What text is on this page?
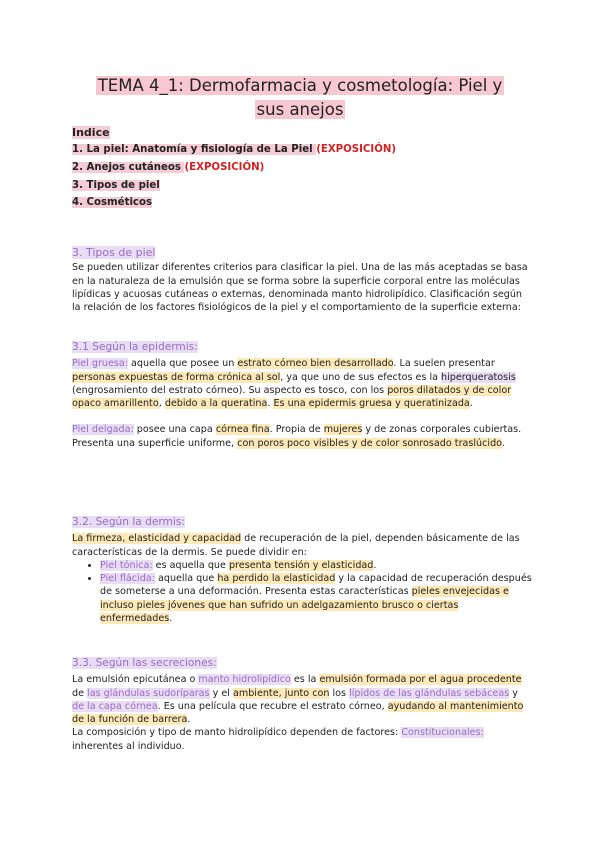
TEMA 4_1: Dermofarmacia y cosmetología: Piel y
sus anejos
Indice
1. La piel: Anatomía y fisiología de La Piel (EXPOSICIÓN)
2. Anejos cutáneos (EXPOSICIÓN)
3. Tipos de piel
4. Cosméticos
3. Tipos de piel

Se pueden utilizar diferentes criterios para clasificar la piel. Una de las más aceptadas se basa en la naturaleza de la emulsión que se forma sobre la superficie corporal entre las moléculas lipídicas y acuosas cutáneas o externas, denominada manto hidrolipídico. Clasificación según la relación de los factores fisiológicos de la piel y el comportamiento de la superficie externa:

3.1 Según la epidermis:

Piel gruesa: aquella que posee un estrato córneo bien desarrollado. La suelen presentar personas expuestas de forma crónica al sol, ya que uno de sus efectos es la hiperqueratosis (engrosamiento del estrato córneo). Su aspecto es tosco, con los poros dilatados y de color opaco amarillento, debido a la queratina. Es una epidermis gruesa y queratinizada.

Piel delgada: posee una capa córnea fina. Propia de mujeres y de zonas corporales cubiertas. Presenta una superficie uniforme, con poros poco visibles y de color sonrosado traslúcido.

3.2. Según la dermis:

La firmeza, elasticidad y capacidad de recuperación de la piel, dependen básicamente de las características de la dermis. Se puede dividir en:

• Piel tónica: es aquella que presenta tensión y elasticidad.
• Piel flácida: aquella que ha perdido la elasticidad y la capacidad de recuperación después de someterse a una deformación. Presenta estas características pieles envejecidas e incluso pieles jóvenes que han sufrido un adelgazamiento brusco o ciertas enfermedades.
3.3. Según las secreciones:

La emulsión epicutánea o manto hidrolipídico es la emulsión formada por el agua procedente de las glándulas sudoríparas y el ambiente, junto con los lípidos de las glándulas sebáceas y de la capa córnea. Es una película que recubre el estrato córneo, ayudando al mantenimiento de la función de barrera.

La composición y tipo de manto hidrolipídico dependen de factores: Constitucionales: inherentes al individuo.
